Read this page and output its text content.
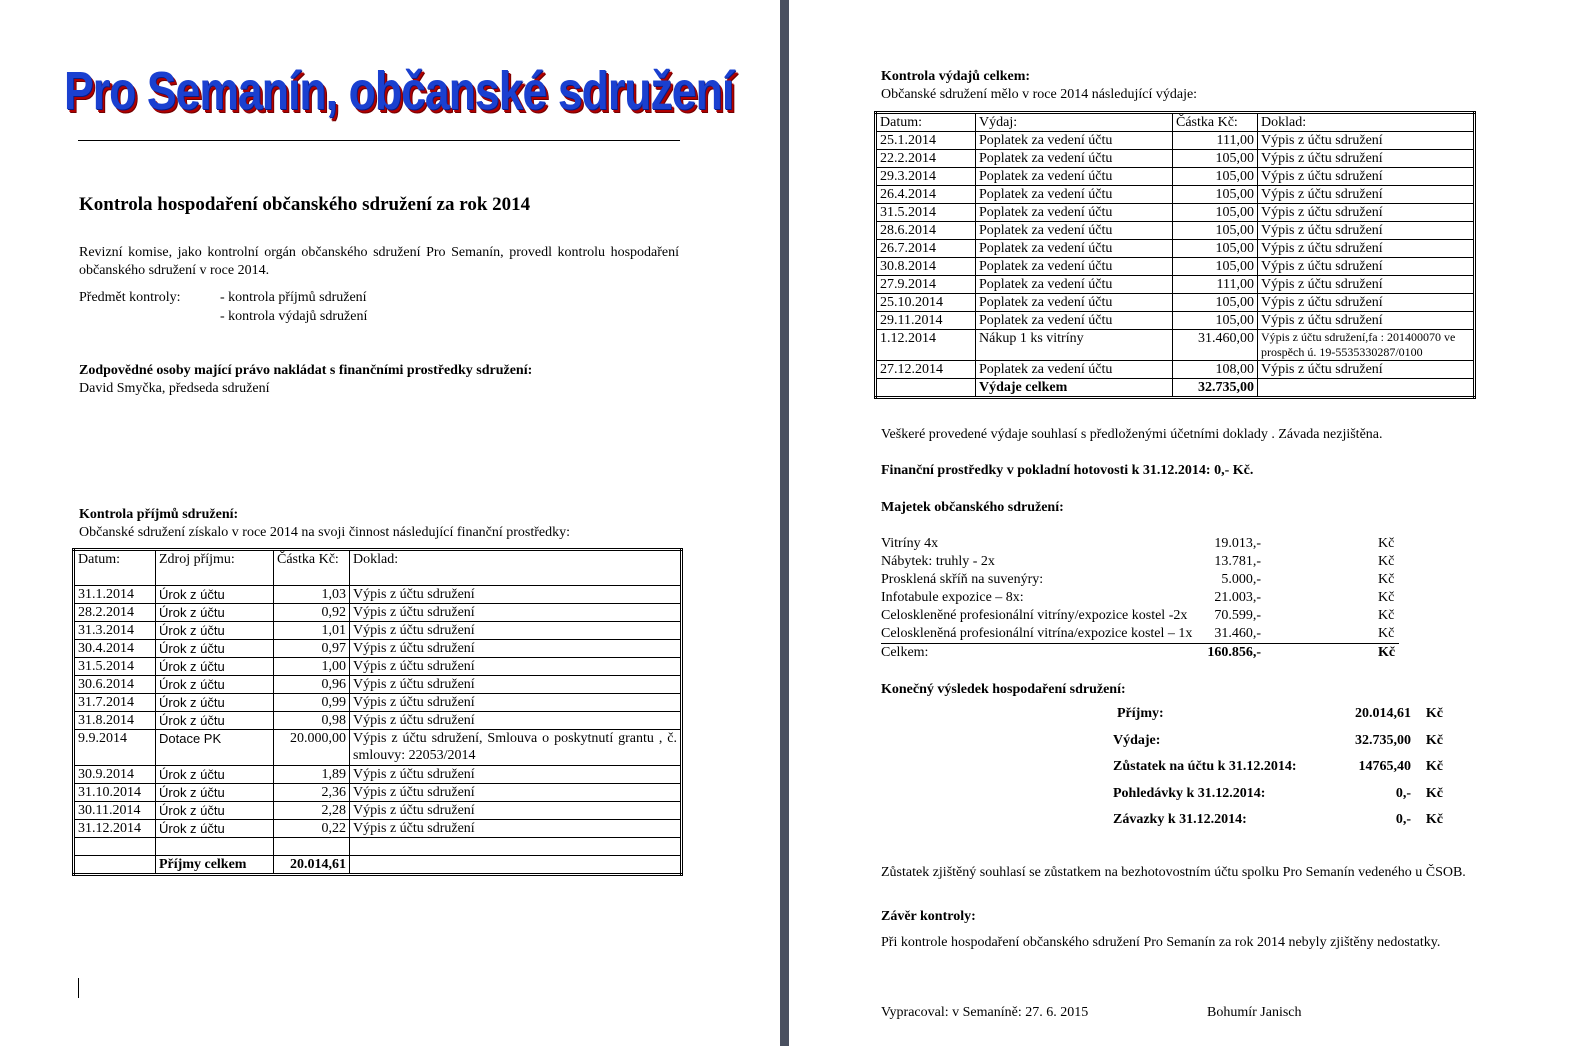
Pro Semanín, občanské sdružení
Kontrola hospodaření občanského sdružení za rok 2014
Revizní komise, jako kontrolní orgán občanského sdružení Pro Semanín, provedl kontrolu hospodaření občanského sdružení v roce 2014.
Předmět kontroly:	- kontrola příjmů sdružení
- kontrola výdajů sdružení
Zodpovědné osoby mající právo nakládat s finančními prostředky sdružení:
David Smyčka, předseda sdružení
Kontrola příjmů sdružení:
Občanské sdružení získalo v roce 2014 na svoji činnost následující finanční prostředky:
Datum:	Zdroj příjmu:	Částka Kč:	Doklad:
31.1.2014	Úrok z účtu	1,03	Výpis z účtu sdružení
28.2.2014	Úrok z účtu	0,92	Výpis z účtu sdružení
31.3.2014	Úrok z účtu	1,01	Výpis z účtu sdružení
30.4.2014	Úrok z účtu	0,97	Výpis z účtu sdružení
31.5.2014	Úrok z účtu	1,00	Výpis z účtu sdružení
30.6.2014	Úrok z účtu	0,96	Výpis z účtu sdružení
31.7.2014	Úrok z účtu	0,99	Výpis z účtu sdružení
31.8.2014	Úrok z účtu	0,98	Výpis z účtu sdružení
9.9.2014	Dotace PK	20.000,00	Výpis z účtu sdružení, Smlouva o poskytnutí grantu , č. smlouvy: 22053/2014
30.9.2014	Úrok z účtu	1,89	Výpis z účtu sdružení
31.10.2014	Úrok z účtu	2,36	Výpis z účtu sdružení
30.11.2014	Úrok z účtu	2,28	Výpis z účtu sdružení
31.12.2014	Úrok z účtu	0,22	Výpis z účtu sdružení

	Příjmy celkem	20.014,61	
Kontrola výdajů celkem:
Občanské sdružení mělo v roce 2014 následující výdaje:
Datum:	Výdaj:	Částka Kč:	Doklad:
25.1.2014	Poplatek za vedení účtu	111,00	Výpis z účtu sdružení
22.2.2014	Poplatek za vedení účtu	105,00	Výpis z účtu sdružení
29.3.2014	Poplatek za vedení účtu	105,00	Výpis z účtu sdružení
26.4.2014	Poplatek za vedení účtu	105,00	Výpis z účtu sdružení
31.5.2014	Poplatek za vedení účtu	105,00	Výpis z účtu sdružení
28.6.2014	Poplatek za vedení účtu	105,00	Výpis z účtu sdružení
26.7.2014	Poplatek za vedení účtu	105,00	Výpis z účtu sdružení
30.8.2014	Poplatek za vedení účtu	105,00	Výpis z účtu sdružení
27.9.2014	Poplatek za vedení účtu	111,00	Výpis z účtu sdružení
25.10.2014	Poplatek za vedení účtu	105,00	Výpis z účtu sdružení
29.11.2014	Poplatek za vedení účtu	105,00	Výpis z účtu sdružení
1.12.2014	Nákup 1 ks vitríny	31.460,00	Výpis z účtu sdružení,fa : 201400070 ve prospěch ú. 19-5535330287/0100
27.12.2014	Poplatek za vedení účtu	108,00	Výpis z účtu sdružení
	Výdaje celkem	32.735,00	
Veškeré provedené výdaje souhlasí s předloženými účetními doklady . Závada nezjištěna.
Finanční prostředky v pokladní hotovosti k 31.12.2014: 0,- Kč.
Majetek občanského sdružení:
Vitríny 4x	19.013,-	Kč
Nábytek: truhly - 2x	13.781,-	Kč
Prosklená skříň na suvenýry:	5.000,-	Kč
Infotabule expozice – 8x:	21.003,-	Kč
Celoskleněné profesionální vitríny/expozice kostel -2x 70.599,-	Kč
Celoskleněná profesionální vitrína/expozice kostel – 1x 31.460,-	Kč
Celkem:	160.856,-	Kč
Konečný výsledek hospodaření sdružení:
Příjmy:	20.014,61 Kč
Výdaje:	32.735,00 Kč
Zůstatek na účtu k 31.12.2014:	14765,40 Kč
Pohledávky k 31.12.2014:	0,- Kč
Závazky k 31.12.2014:	0,- Kč
Zůstatek zjištěný souhlasí se zůstatkem na bezhotovostním účtu spolku Pro Semanín vedeného u ČSOB.
Závěr kontroly:
Při kontrole hospodaření občanského sdružení Pro Semanín za rok 2014 nebyly zjištěny nedostatky.
Vypracoval: v Semaníně: 27. 6. 2015	Bohumír Janisch
